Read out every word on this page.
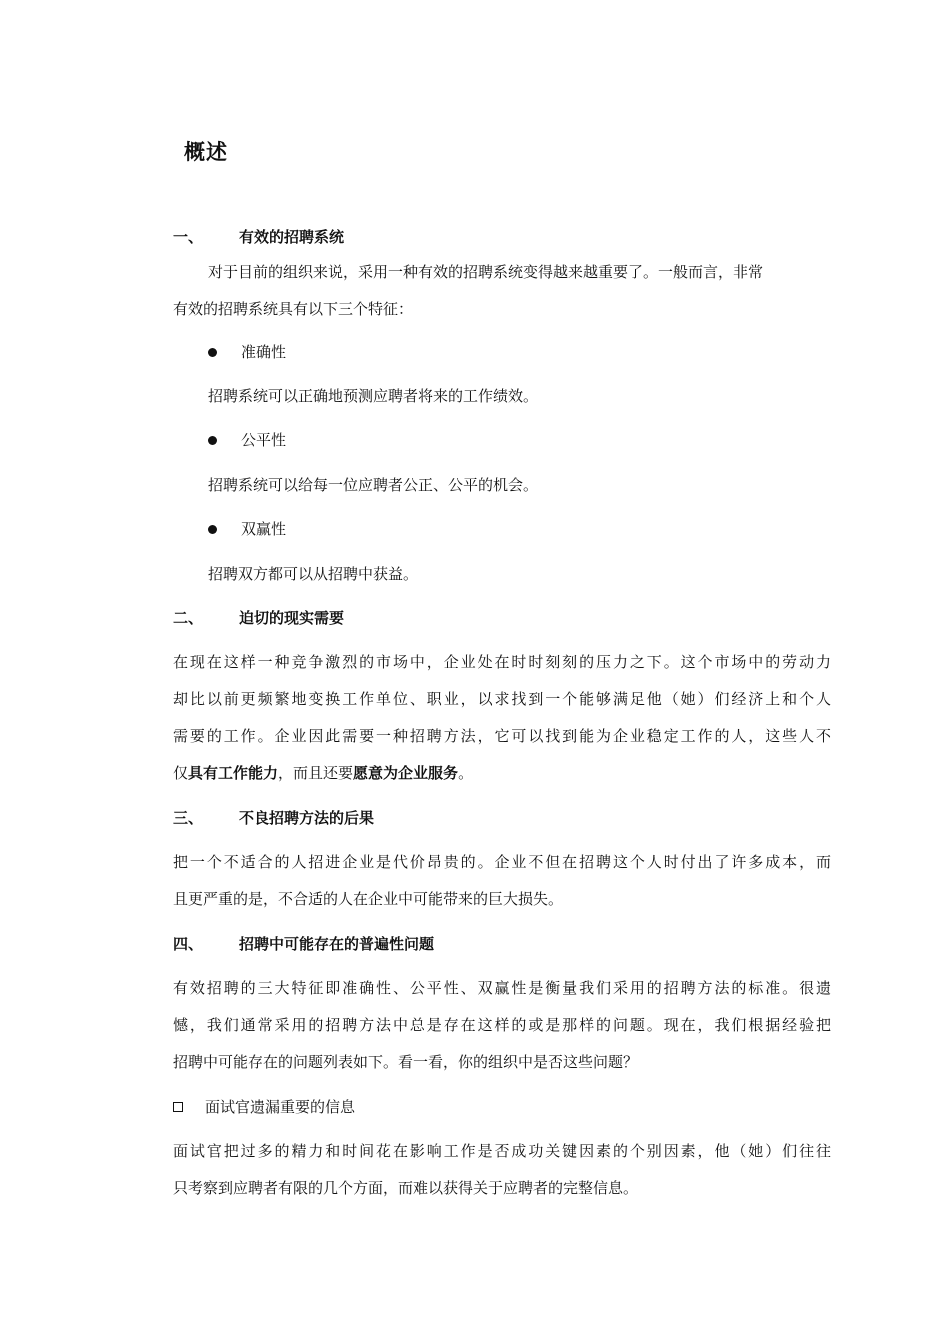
概述
一、 有效的招聘系统
对于目前的组织来说，采用一种有效的招聘系统变得越来越重要了。一般而言，非常
有效的招聘系统具有以下三个特征：
准确性
招聘系统可以正确地预测应聘者将来的工作绩效。
公平性
招聘系统可以给每一位应聘者公正、公平的机会。
双赢性
招聘双方都可以从招聘中获益。
二、 迫切的现实需要
在现在这样一种竞争激烈的市场中，企业处在时时刻刻的压力之下。这个市场中的劳动力
却比以前更频繁地变换工作单位、职业，以求找到一个能够满足他（她）们经济上和个人
需要的工作。企业因此需要一种招聘方法，它可以找到能为企业稳定工作的人，这些人不
仅具有工作能力，而且还要愿意为企业服务。
三、 不良招聘方法的后果
把一个不适合的人招进企业是代价昂贵的。企业不但在招聘这个人时付出了许多成本，而
且更严重的是，不合适的人在企业中可能带来的巨大损失。
四、 招聘中可能存在的普遍性问题
有效招聘的三大特征即准确性、公平性、双赢性是衡量我们采用的招聘方法的标准。很遗
憾，我们通常采用的招聘方法中总是存在这样的或是那样的问题。现在，我们根据经验把
招聘中可能存在的问题列表如下。看一看，你的组织中是否这些问题？
面试官遗漏重要的信息
面试官把过多的精力和时间花在影响工作是否成功关键因素的个别因素，他（她）们往往
只考察到应聘者有限的几个方面，而难以获得关于应聘者的完整信息。
